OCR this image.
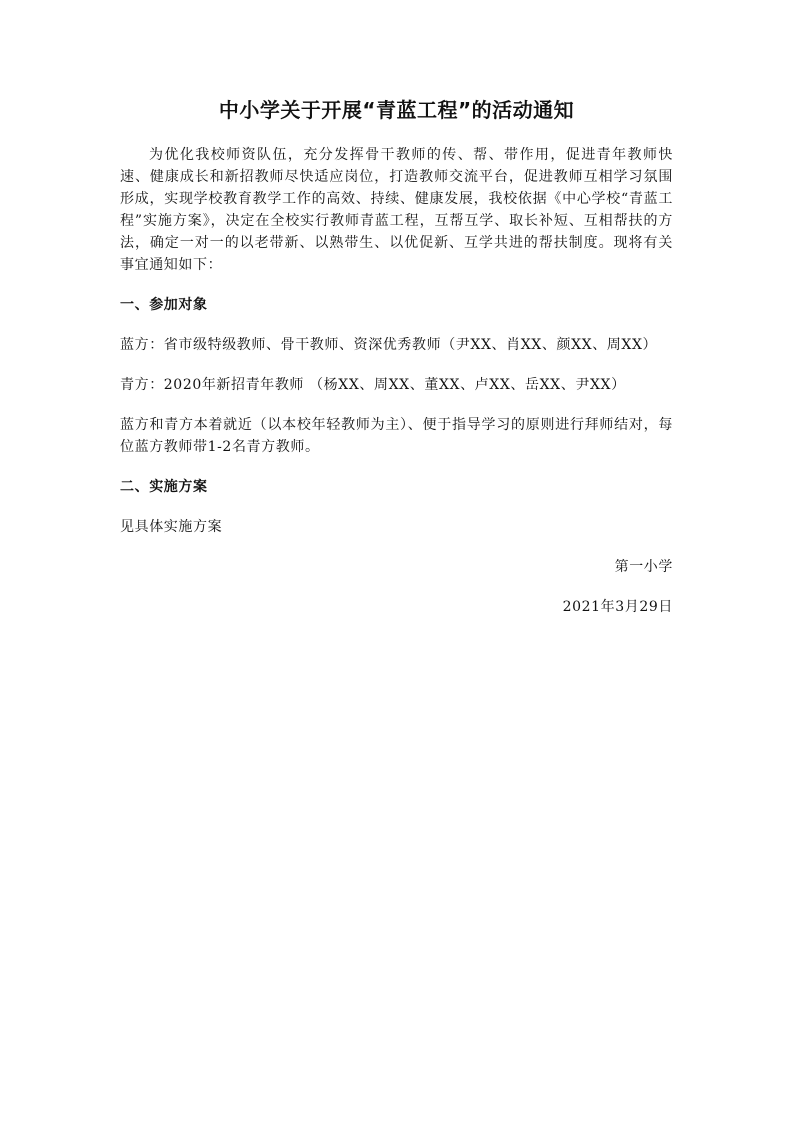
中小学关于开展“青蓝工程”的活动通知

为优化我校师资队伍，充分发挥骨干教师的传、帮、带作用，促进青年教师快速、健康成长和新招教师尽快适应岗位，打造教师交流平台，促进教师互相学习氛围形成，实现学校教育教学工作的高效、持续、健康发展，我校依据《中心学校“青蓝工程”实施方案》，决定在全校实行教师青蓝工程，互帮互学、取长补短、互相帮扶的方法，确定一对一的以老带新、以熟带生、以优促新、互学共进的帮扶制度。现将有关事宜通知如下：

一、参加对象

蓝方：省市级特级教师、骨干教师、资深优秀教师（尹XX、肖XX、颜XX、周XX）

青方：2020年新招青年教师 （杨XX、周XX、董XX、卢XX、岳XX、尹XX）

蓝方和青方本着就近（以本校年轻教师为主）、便于指导学习的原则进行拜师结对，每位蓝方教师带1-2名青方教师。

二、实施方案

见具体实施方案

第一小学

2021年3月29日
